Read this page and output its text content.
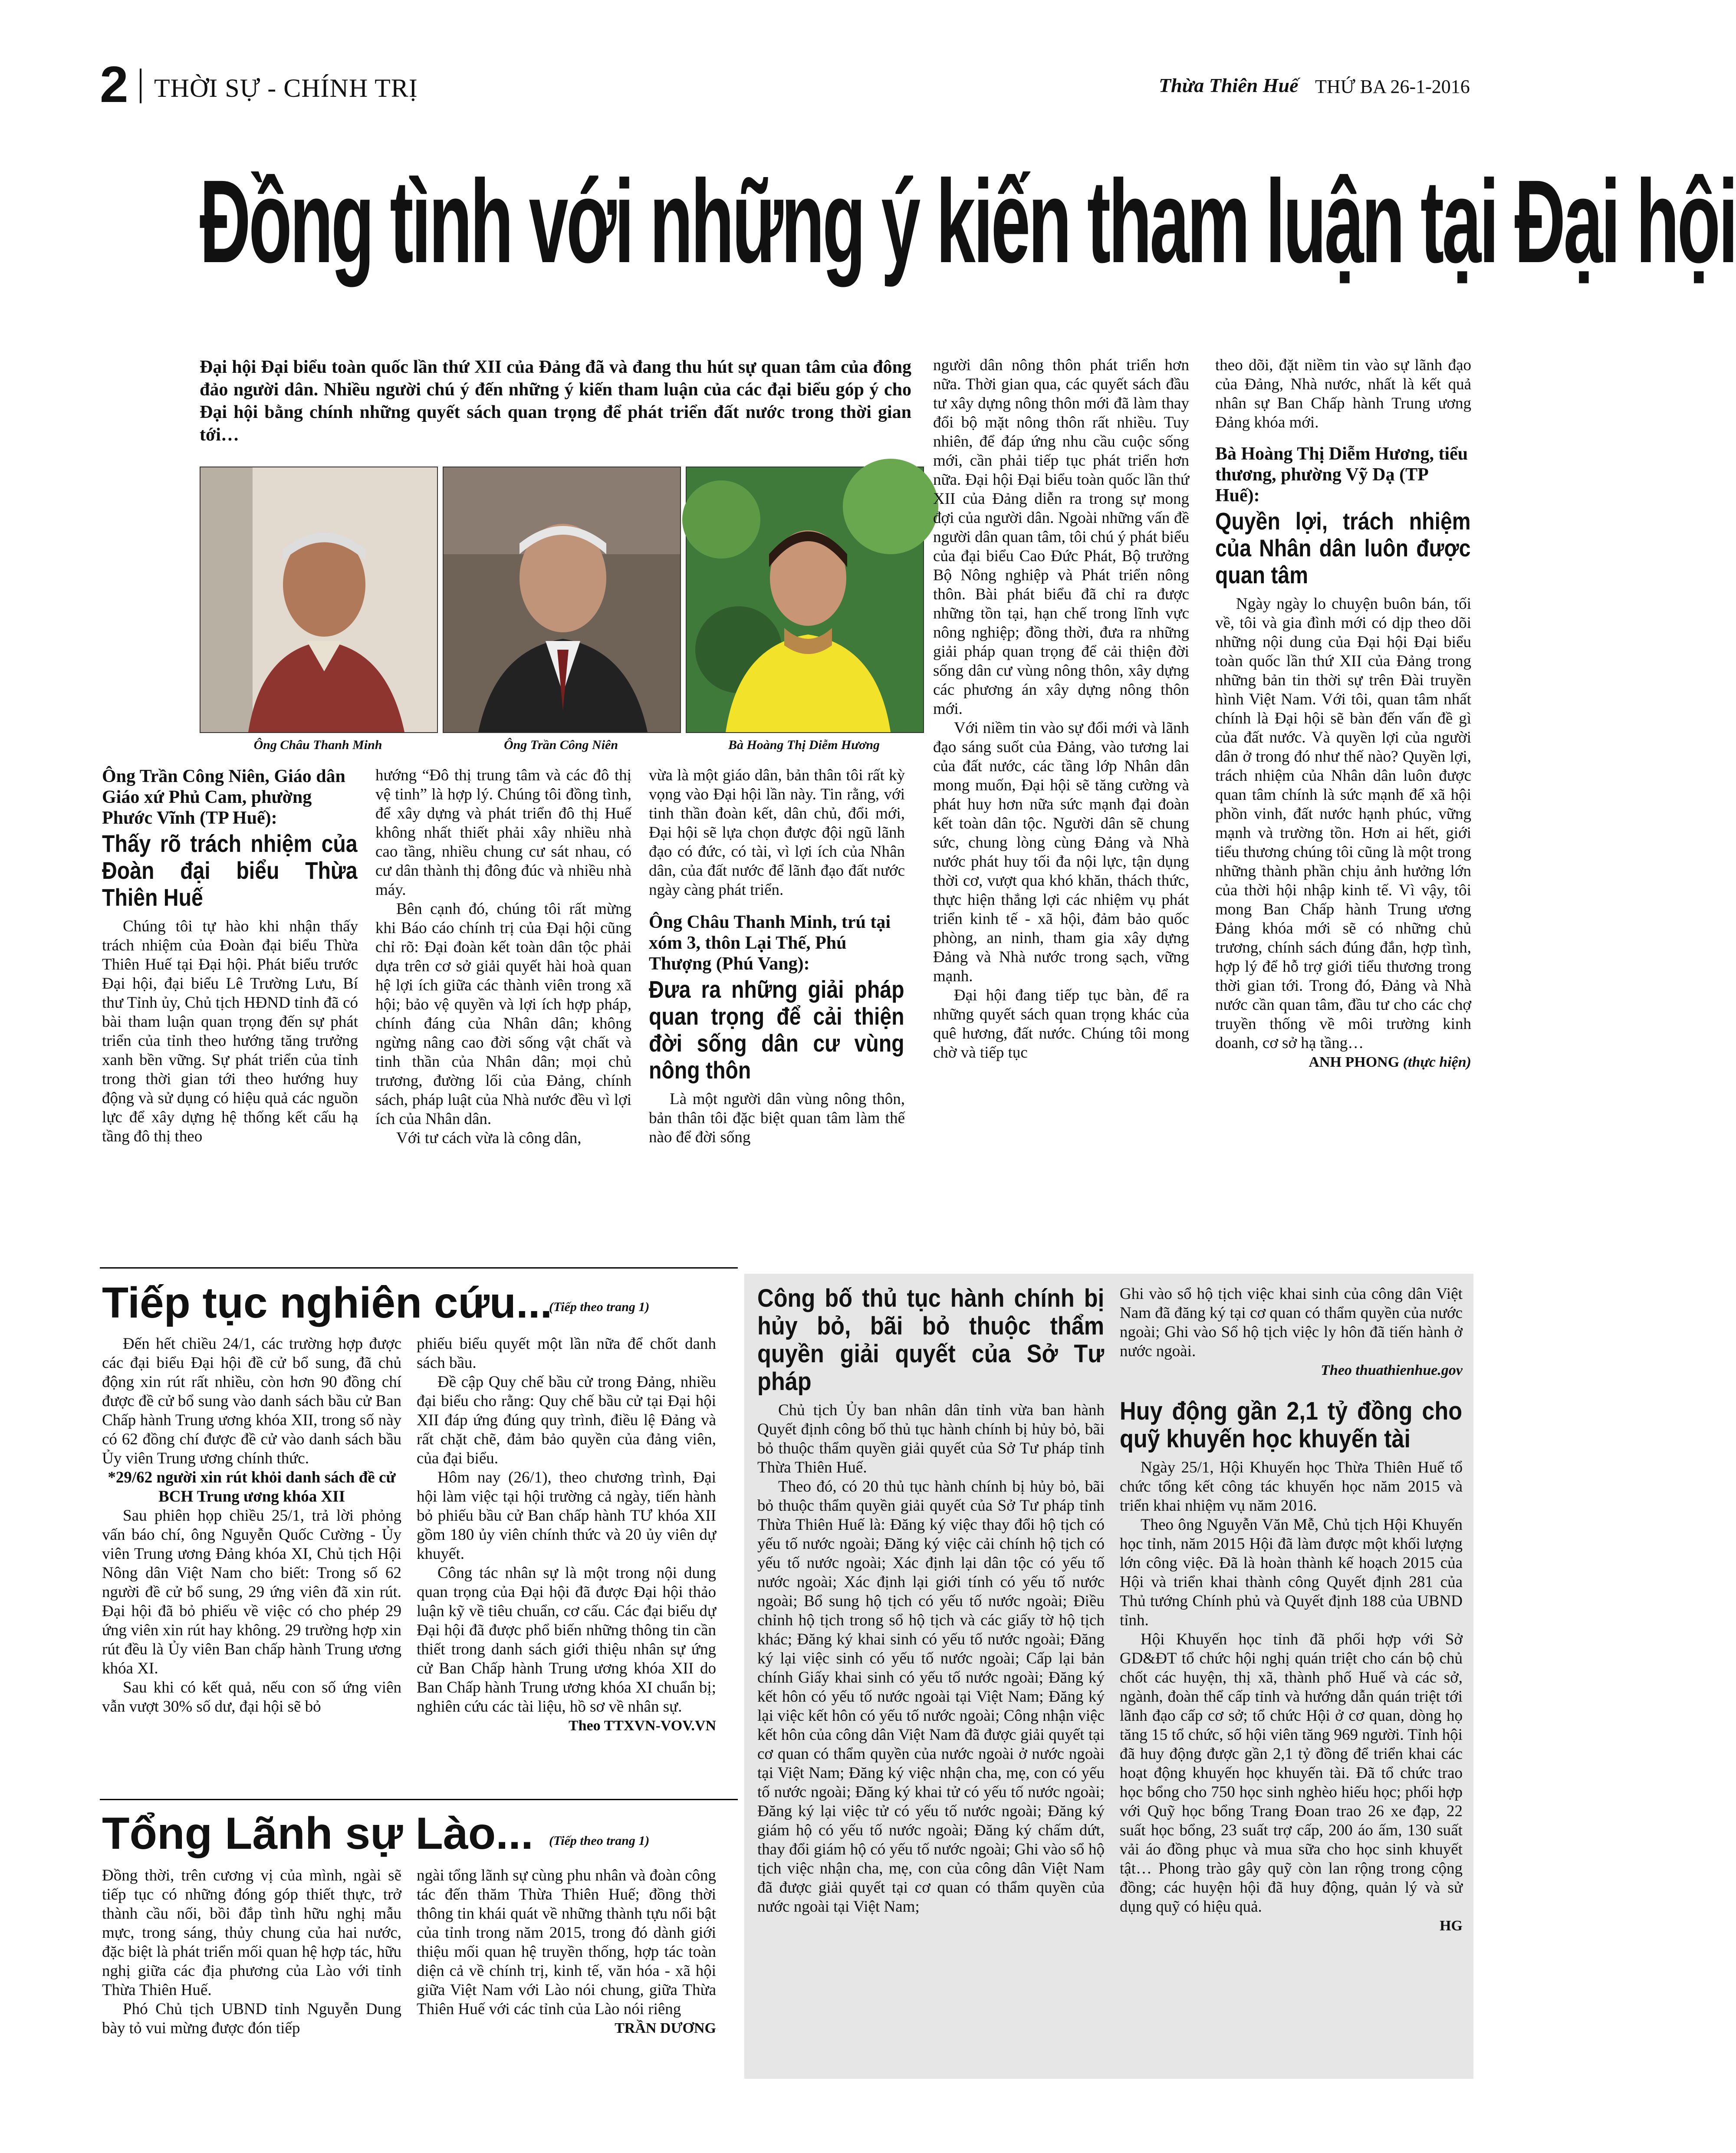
2 THỜI SỰ - CHÍNH TRỊ	Thừa Thiên Huế THỨ BA 26-1-2016
Đồng tình với những ý kiến tham luận tại Đại hội
Đại hội Đại biểu toàn quốc lần thứ XII của Đảng đã và đang thu hút sự quan tâm của đông đảo người dân. Nhiều người chú ý đến những ý kiến tham luận của các đại biểu góp ý cho Đại hội bằng chính những quyết sách quan trọng để phát triển đất nước trong thời gian tới…
Ông Châu Thanh Minh	Ông Trần Công Niên	Bà Hoàng Thị Diễm Hương
Ông Trần Công Niên, Giáo dân Giáo xứ Phủ Cam, phường Phước Vĩnh (TP Huế):
Thấy rõ trách nhiệm của Đoàn đại biểu Thừa Thiên Huế

Chúng tôi tự hào khi nhận thấy trách nhiệm của Đoàn đại biểu Thừa Thiên Huế tại Đại hội. Phát biểu trước Đại hội, đại biểu Lê Trường Lưu, Bí thư Tỉnh ủy, Chủ tịch HĐND tỉnh đã có bài tham luận quan trọng đến sự phát triển của tỉnh theo hướng tăng trưởng xanh bền vững. Sự phát triển của tỉnh trong thời gian tới theo hướng huy động và sử dụng có hiệu quả các nguồn lực để xây dựng hệ thống kết cấu hạ tầng đô thị theo

hướng “Đô thị trung tâm và các đô thị vệ tinh” là hợp lý. Chúng tôi đồng tình, để xây dựng và phát triển đô thị Huế không nhất thiết phải xây nhiều nhà cao tầng, nhiều chung cư sát nhau, có cư dân thành thị đông đúc và nhiều nhà máy.

Bên cạnh đó, chúng tôi rất mừng khi Báo cáo chính trị của Đại hội cũng chỉ rõ: Đại đoàn kết toàn dân tộc phải dựa trên cơ sở giải quyết hài hoà quan hệ lợi ích giữa các thành viên trong xã hội; bảo vệ quyền và lợi ích hợp pháp, chính đáng của Nhân dân; không ngừng nâng cao đời sống vật chất và tinh thần của Nhân dân; mọi chủ trương, đường lối của Đảng, chính sách, pháp luật của Nhà nước đều vì lợi ích của Nhân dân.

Với tư cách vừa là công dân,

vừa là một giáo dân, bản thân tôi rất kỳ vọng vào Đại hội lần này. Tin rằng, với tinh thần đoàn kết, dân chủ, đổi mới, Đại hội sẽ lựa chọn được đội ngũ lãnh đạo có đức, có tài, vì lợi ích của Nhân dân, của đất nước để lãnh đạo đất nước ngày càng phát triển.

Ông Châu Thanh Minh, trú tại xóm 3, thôn Lại Thế, Phú Thượng (Phú Vang):
Đưa ra những giải pháp quan trọng để cải thiện đời sống dân cư vùng nông thôn

Là một người dân vùng nông thôn, bản thân tôi đặc biệt quan tâm làm thế nào để đời sống

người dân nông thôn phát triển hơn nữa. Thời gian qua, các quyết sách đầu tư xây dựng nông thôn mới đã làm thay đổi bộ mặt nông thôn rất nhiều. Tuy nhiên, để đáp ứng nhu cầu cuộc sống mới, cần phải tiếp tục phát triển hơn nữa. Đại hội Đại biểu toàn quốc lần thứ XII của Đảng diễn ra trong sự mong đợi của người dân. Ngoài những vấn đề người dân quan tâm, tôi chú ý phát biểu của đại biểu Cao Đức Phát, Bộ trưởng Bộ Nông nghiệp và Phát triển nông thôn. Bài phát biểu đã chỉ ra được những tồn tại, hạn chế trong lĩnh vực nông nghiệp; đồng thời, đưa ra những giải pháp quan trọng để cải thiện đời sống dân cư vùng nông thôn, xây dựng các phương án xây dựng nông thôn mới.

Với niềm tin vào sự đổi mới và lãnh đạo sáng suốt của Đảng, vào tương lai của đất nước, các tầng lớp Nhân dân mong muốn, Đại hội sẽ tăng cường và phát huy hơn nữa sức mạnh đại đoàn kết toàn dân tộc. Người dân sẽ chung sức, chung lòng cùng Đảng và Nhà nước phát huy tối đa nội lực, tận dụng thời cơ, vượt qua khó khăn, thách thức, thực hiện thắng lợi các nhiệm vụ phát triển kinh tế - xã hội, đảm bảo quốc phòng, an ninh, tham gia xây dựng Đảng và Nhà nước trong sạch, vững mạnh.

Đại hội đang tiếp tục bàn, để ra những quyết sách quan trọng khác của quê hương, đất nước. Chúng tôi mong chờ và tiếp tục

theo dõi, đặt niềm tin vào sự lãnh đạo của Đảng, Nhà nước, nhất là kết quả nhân sự Ban Chấp hành Trung ương Đảng khóa mới.

Bà Hoàng Thị Diễm Hương, tiểu thương, phường Vỹ Dạ (TP Huế):
Quyền lợi, trách nhiệm của Nhân dân luôn được quan tâm

Ngày ngày lo chuyện buôn bán, tối về, tôi và gia đình mới có dịp theo dõi những nội dung của Đại hội Đại biểu toàn quốc lần thứ XII của Đảng trong những bản tin thời sự trên Đài truyền hình Việt Nam. Với tôi, quan tâm nhất chính là Đại hội sẽ bàn đến vấn đề gì của đất nước. Và quyền lợi của người dân ở trong đó như thế nào? Quyền lợi, trách nhiệm của Nhân dân luôn được quan tâm chính là sức mạnh để xã hội phồn vinh, đất nước hạnh phúc, vững mạnh và trường tồn. Hơn ai hết, giới tiểu thương chúng tôi cũng là một trong những thành phần chịu ảnh hưởng lớn của thời hội nhập kinh tế. Vì vậy, tôi mong Ban Chấp hành Trung ương Đảng khóa mới sẽ có những chủ trương, chính sách đúng đắn, hợp tình, hợp lý để hỗ trợ giới tiểu thương trong thời gian tới. Trong đó, Đảng và Nhà nước cần quan tâm, đầu tư cho các chợ truyền thống về môi trường kinh doanh, cơ sở hạ tầng…

ANH PHONG (thực hiện)
Tiếp tục nghiên cứu...
(Tiếp theo trang 1)

Đến hết chiều 24/1, các trường hợp được các đại biểu Đại hội đề cử bổ sung, đã chủ động xin rút rất nhiều, còn hơn 90 đồng chí được đề cử bổ sung vào danh sách bầu cử Ban Chấp hành Trung ương khóa XII, trong số này có 62 đồng chí được đề cử vào danh sách bầu Ủy viên Trung ương chính thức.

*29/62 người xin rút khỏi danh sách đề cử BCH Trung ương khóa XII

Sau phiên họp chiều 25/1, trả lời phỏng vấn báo chí, ông Nguyễn Quốc Cường - Ủy viên Trung ương Đảng khóa XI, Chủ tịch Hội Nông dân Việt Nam cho biết: Trong số 62 người đề cử bổ sung, 29 ứng viên đã xin rút. Đại hội đã bỏ phiếu về việc có cho phép 29 ứng viên xin rút hay không. 29 trường hợp xin rút đều là Ủy viên Ban chấp hành Trung ương khóa XI.

Sau khi có kết quả, nếu con số ứng viên vẫn vượt 30% số dư, đại hội sẽ bỏ

phiếu biểu quyết một lần nữa để chốt danh sách bầu.

Đề cập Quy chế bầu cử trong Đảng, nhiều đại biểu cho rằng: Quy chế bầu cử tại Đại hội XII đáp ứng đúng quy trình, điều lệ Đảng và rất chặt chẽ, đảm bảo quyền của đảng viên, của đại biểu.

Hôm nay (26/1), theo chương trình, Đại hội làm việc tại hội trường cả ngày, tiến hành bỏ phiếu bầu cử Ban chấp hành TƯ khóa XII gồm 180 ủy viên chính thức và 20 ủy viên dự khuyết.

Công tác nhân sự là một trong nội dung quan trọng của Đại hội đã được Đại hội thảo luận kỹ về tiêu chuẩn, cơ cấu. Các đại biểu dự Đại hội đã được phổ biến những thông tin cần thiết trong danh sách giới thiệu nhân sự ứng cử Ban Chấp hành Trung ương khóa XII do Ban Chấp hành Trung ương khóa XI chuẩn bị; nghiên cứu các tài liệu, hồ sơ về nhân sự.

Theo TTXVN-VOV.VN
Tổng Lãnh sự Lào... (Tiếp theo trang 1)

Đồng thời, trên cương vị của mình, ngài sẽ tiếp tục có những đóng góp thiết thực, trở thành cầu nối, bồi đắp tình hữu nghị mẫu mực, trong sáng, thủy chung của hai nước, đặc biệt là phát triển mối quan hệ hợp tác, hữu nghị giữa các địa phương của Lào với tỉnh Thừa Thiên Huế.

Phó Chủ tịch UBND tỉnh Nguyễn Dung bày tỏ vui mừng được đón tiếp

ngài tổng lãnh sự cùng phu nhân và đoàn công tác đến thăm Thừa Thiên Huế; đồng thời thông tin khái quát về những thành tựu nổi bật của tỉnh trong năm 2015, trong đó dành giới thiệu mối quan hệ truyền thống, hợp tác toàn diện cả về chính trị, kinh tế, văn hóa - xã hội giữa Việt Nam với Lào nói chung, giữa Thừa Thiên Huế với các tỉnh của Lào nói riêng

TRẦN DƯƠNG
Công bố thủ tục hành chính bị hủy bỏ, bãi bỏ thuộc thẩm quyền giải quyết của Sở Tư pháp

Chủ tịch Ủy ban nhân dân tỉnh vừa ban hành Quyết định công bố thủ tục hành chính bị hủy bỏ, bãi bỏ thuộc thẩm quyền giải quyết của Sở Tư pháp tỉnh Thừa Thiên Huế.

Theo đó, có 20 thủ tục hành chính bị hủy bỏ, bãi bỏ thuộc thẩm quyền giải quyết của Sở Tư pháp tỉnh Thừa Thiên Huế là: Đăng ký việc thay đổi hộ tịch có yếu tố nước ngoài; Đăng ký việc cải chính hộ tịch có yếu tố nước ngoài; Xác định lại dân tộc có yếu tố nước ngoài; Xác định lại giới tính có yếu tố nước ngoài; Bổ sung hộ tịch có yếu tố nước ngoài; Điều chỉnh hộ tịch trong sổ hộ tịch và các giấy tờ hộ tịch khác; Đăng ký khai sinh có yếu tố nước ngoài; Đăng ký lại việc sinh có yếu tố nước ngoài; Cấp lại bản chính Giấy khai sinh có yếu tố nước ngoài; Đăng ký kết hôn có yếu tố nước ngoài tại Việt Nam; Đăng ký lại việc kết hôn có yếu tố nước ngoài; Công nhận việc kết hôn của công dân Việt Nam đã được giải quyết tại cơ quan có thẩm quyền của nước ngoài ở nước ngoài tại Việt Nam; Đăng ký việc nhận cha, mẹ, con có yếu tố nước ngoài; Đăng ký khai tử có yếu tố nước ngoài; Đăng ký lại việc tử có yếu tố nước ngoài; Đăng ký giám hộ có yếu tố nước ngoài; Đăng ký chấm dứt, thay đổi giám hộ có yếu tố nước ngoài; Ghi vào sổ hộ tịch việc nhận cha, mẹ, con của công dân Việt Nam đã được giải quyết tại cơ quan có thẩm quyền của nước ngoài tại Việt Nam;

Ghi vào sổ hộ tịch việc khai sinh của công dân Việt Nam đã đăng ký tại cơ quan có thẩm quyền của nước ngoài; Ghi vào Sổ hộ tịch việc ly hôn đã tiến hành ở nước ngoài.

Theo thuathienhue.gov
Huy động gần 2,1 tỷ đồng cho quỹ khuyến học khuyến tài

Ngày 25/1, Hội Khuyến học Thừa Thiên Huế tổ chức tổng kết công tác khuyến học năm 2015 và triển khai nhiệm vụ năm 2016.

Theo ông Nguyễn Văn Mễ, Chủ tịch Hội Khuyến học tỉnh, năm 2015 Hội đã làm được một khối lượng lớn công việc. Đã là hoàn thành kế hoạch 2015 của Hội và triển khai thành công Quyết định 281 của Thủ tướng Chính phủ và Quyết định 188 của UBND tỉnh.

Hội Khuyến học tỉnh đã phối hợp với Sở GD&ĐT tổ chức hội nghị quán triệt cho cán bộ chủ chốt các huyện, thị xã, thành phố Huế và các sở, ngành, đoàn thể cấp tỉnh và hướng dẫn quán triệt tới lãnh đạo cấp cơ sở; tổ chức Hội ở cơ quan, dòng họ tăng 15 tổ chức, số hội viên tăng 969 người. Tỉnh hội đã huy động được gần 2,1 tỷ đồng để triển khai các hoạt động khuyến học khuyến tài. Đã tổ chức trao học bổng cho 750 học sinh nghèo hiếu học; phối hợp với Quỹ học bổng Trang Đoan trao 26 xe đạp, 22 suất học bổng, 23 suất trợ cấp, 200 áo ấm, 130 suất vải áo đồng phục và mua sữa cho học sinh khuyết tật… Phong trào gây quỹ còn lan rộng trong cộng đồng; các huyện hội đã huy động, quản lý và sử dụng quỹ có hiệu quả.

HG
